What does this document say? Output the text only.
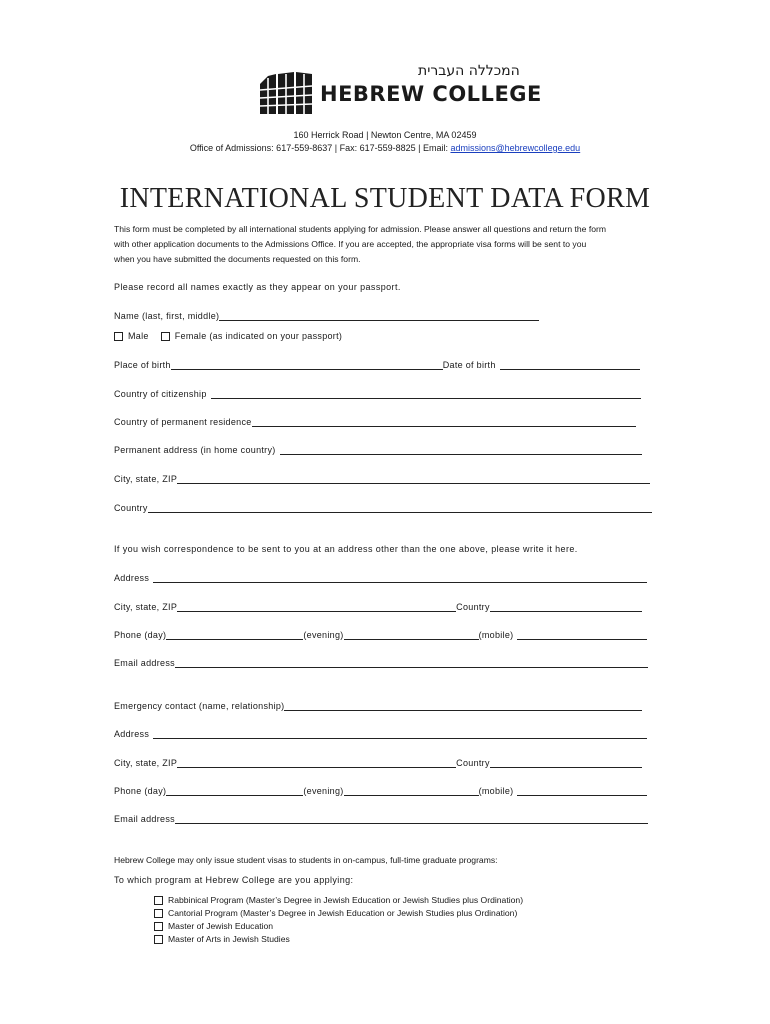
המכללה העברית
HEBREW COLLEGE
160 Herrick Road | Newton Centre, MA 02459
Office of Admissions: 617-559-8637 | Fax: 617-559-8825 | Email: admissions@hebrewcollege.edu
INTERNATIONAL STUDENT DATA FORM
This form must be completed by all international students applying for admission. Please answer all questions and return the form
with other application documents to the Admissions Office. If you are accepted, the appropriate visa forms will be sent to you
when you have submitted the documents requested on this form.
Please record all names exactly as they appear on your passport.
Name (last, first, middle)
Male	Female (as indicated on your passport)
Place of birth	Date of birth
Country of citizenship
Country of permanent residence
Permanent address (in home country)
City, state, ZIP
Country
If you wish correspondence to be sent to you at an address other than the one above, please write it here.
Address
City, state, ZIP	Country
Phone (day)	(evening)	(mobile)
Email address
Emergency contact (name, relationship)
Address
City, state, ZIP	Country
Phone (day)	(evening)	(mobile)
Email address
Hebrew College may only issue student visas to students in on-campus, full-time graduate programs:
To which program at Hebrew College are you applying:
Rabbinical Program (Master’s Degree in Jewish Education or Jewish Studies plus Ordination)
Cantorial Program (Master’s Degree in Jewish Education or Jewish Studies plus Ordination)
Master of Jewish Education
Master of Arts in Jewish Studies
